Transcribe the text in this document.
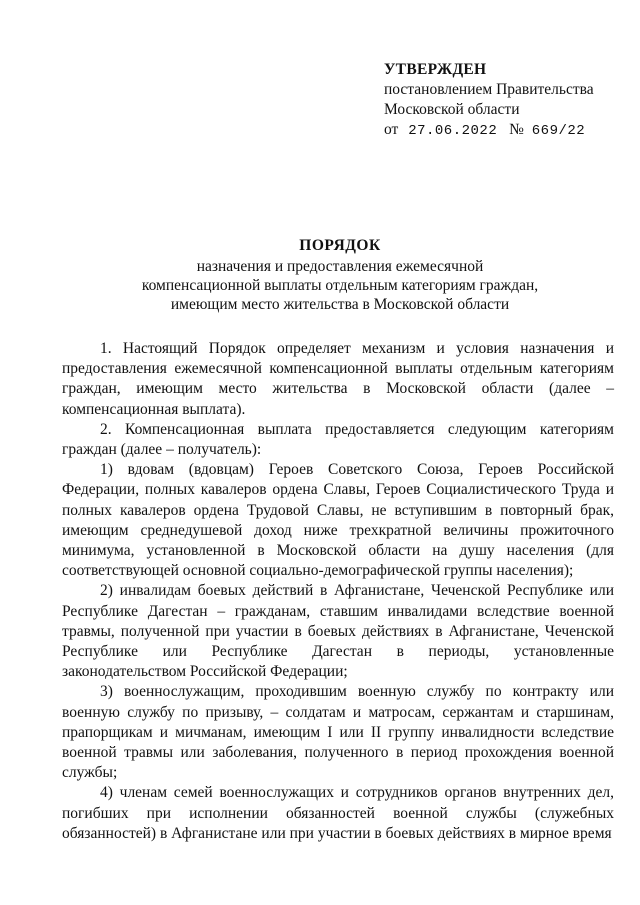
УТВЕРЖДЕН
постановлением Правительства
Московской области
от 27.06.2022 № 669/22
ПОРЯДОК
назначения и предоставления ежемесячной
компенсационной выплаты отдельным категориям граждан,
имеющим место жительства в Московской области

1. Настоящий Порядок определяет механизм и условия назначения и предоставления ежемесячной компенсационной выплаты отдельным категориям граждан, имеющим место жительства в Московской области (далее – компенсационная выплата).

2. Компенсационная выплата предоставляется следующим категориям граждан (далее – получатель):

1) вдовам (вдовцам) Героев Советского Союза, Героев Российской Федерации, полных кавалеров ордена Славы, Героев Социалистического Труда и полных кавалеров ордена Трудовой Славы, не вступившим в повторный брак, имеющим среднедушевой доход ниже трехкратной величины прожиточного минимума, установленной в Московской области на душу населения (для соответствующей основной социально-демографической группы населения);

2) инвалидам боевых действий в Афганистане, Чеченской Республике или Республике Дагестан – гражданам, ставшим инвалидами вследствие военной травмы, полученной при участии в боевых действиях в Афганистане, Чеченской Республике или Республике Дагестан в периоды, установленные законодательством Российской Федерации;

3) военнослужащим, проходившим военную службу по контракту или военную службу по призыву, – солдатам и матросам, сержантам и старшинам, прапорщикам и мичманам, имеющим I или II группу инвалидности вследствие военной травмы или заболевания, полученного в период прохождения военной службы;

4) членам семей военнослужащих и сотрудников органов внутренних дел, погибших при исполнении обязанностей военной службы (служебных обязанностей) в Афганистане или при участии в боевых действиях в мирное время
